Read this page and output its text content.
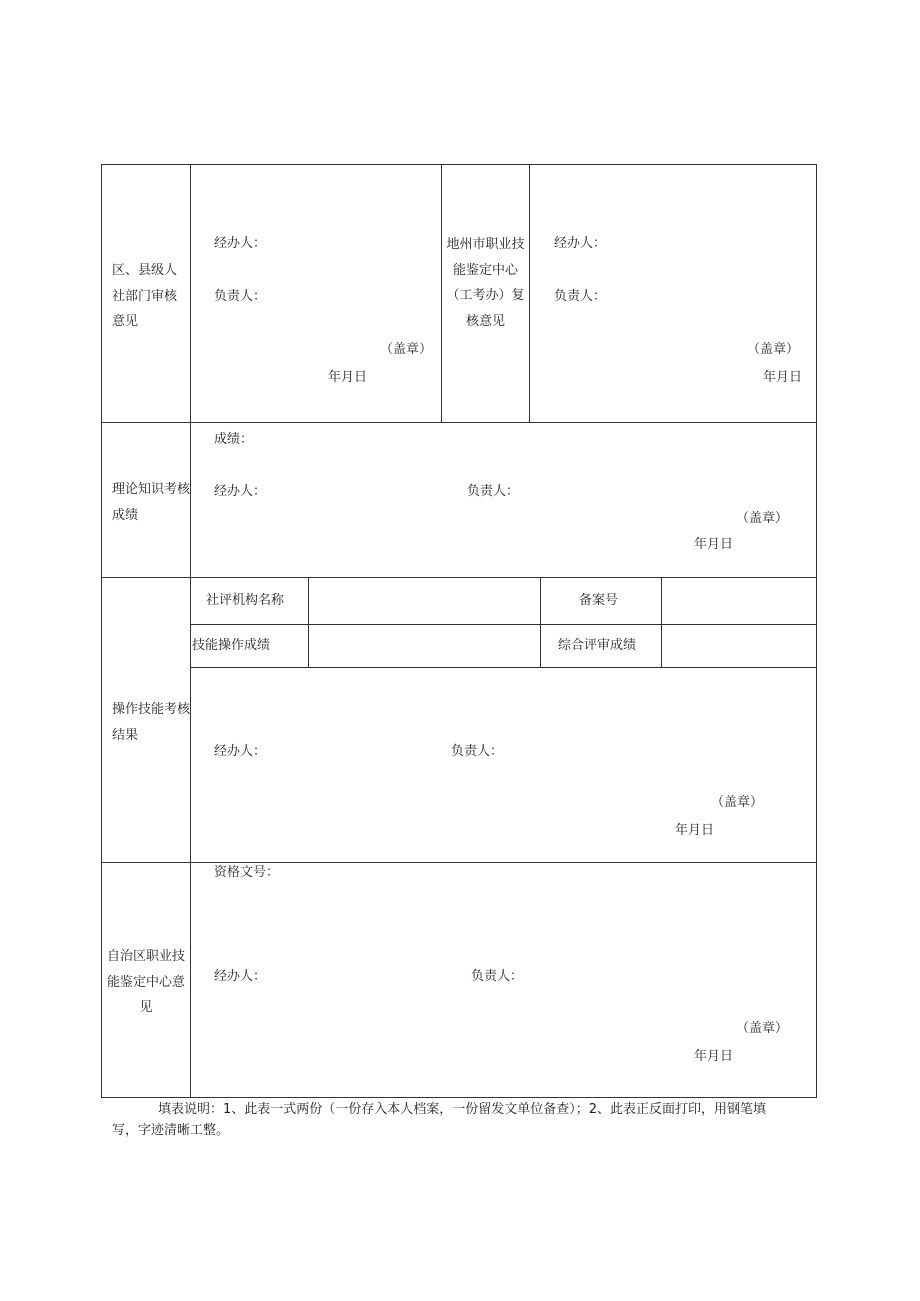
区、县级人社部门审核意见
经办人：
负责人：
（盖章）
年月日
地州市职业技能鉴定中心（工考办）复核意见
经办人：
负责人：
（盖章）
年月日
理论知识考核成绩
成绩：
经办人：	负责人：
（盖章）
年月日
操作技能考核结果
社评机构名称	备案号
技能操作成绩	综合评审成绩
经办人：	负责人：
（盖章）
年月日
自治区职业技能鉴定中心意见
资格文号：
经办人：	负责人：
（盖章）
年月日
填表说明：1、此表一式两份（一份存入本人档案，一份留发文单位备查）；2、此表正反面打印，用钢笔填写，字迹清晰工整。
